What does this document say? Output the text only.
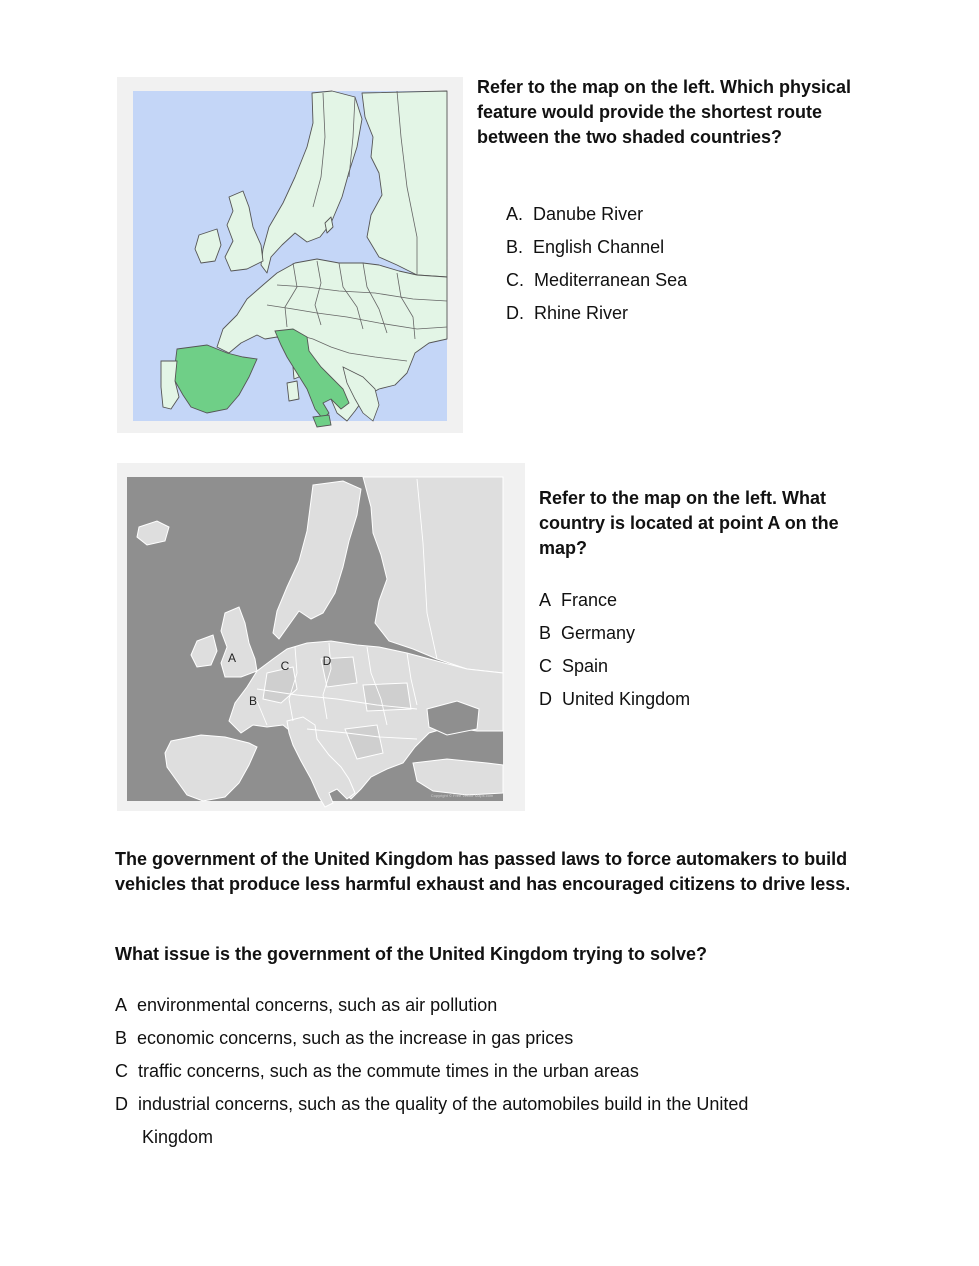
Refer to the map on the left. Which physical feature would provide the shortest route between the two shaded countries?

A. Danube River

B. English Channel

C. Mediterranean Sea

D. Rhine River

A
B
C	D
Copyright © Free Vector Maps.com

Refer to the map on the left. What country is located at point A on the map?

A France

B Germany

C Spain

D United Kingdom

The government of the United Kingdom has passed laws to force automakers to build vehicles that produce less harmful exhaust and has encouraged citizens to drive less.

What issue is the government of the United Kingdom trying to solve?

A environmental concerns, such as air pollution

B economic concerns, such as the increase in gas prices

C traffic concerns, such as the commute times in the urban areas

D industrial concerns, such as the quality of the automobiles build in the United

Kingdom
